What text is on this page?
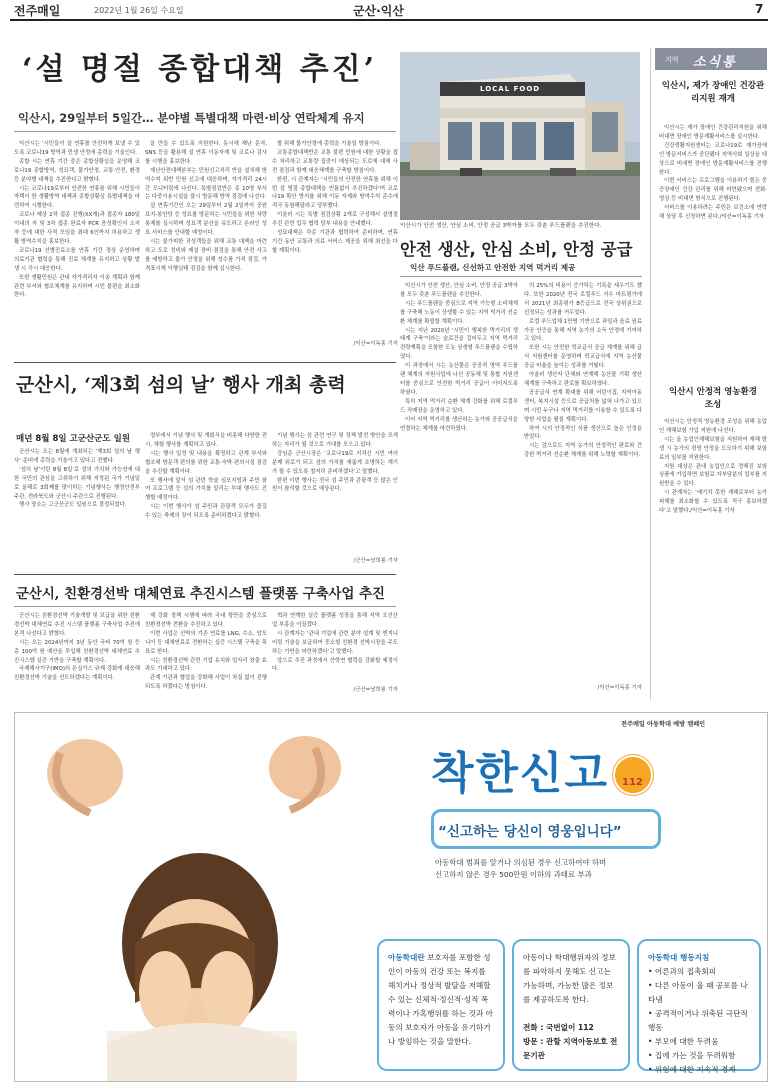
전주매일	2022년 1월 26일 수요일	군산·익산	7
‘설 명절 종합대책 추진’
익산시, 29일부터 5일간… 분야별 특별대책 마련·비상 연락체계 유지

익산시는 ‘시민들이 설 연휴를 안전하게 보낼 수 있도록 코로나19 방역과 민생 안정에 총력을 기울인다.

종합 시는 연휴 기간 중은 종합상황실을 운영해 코로나19 종합방역, 성묘객, 물가안정, 교통·안전, 환경 등 분야별 대책을 추진한다고 밝혔다.

시는 코로나19로부터 안전한 연휴를 위해 시민들이 자택이 한 생활방역 대책과 종합상황실 특별대책을 마련하여 시행한다.

코로나 예상 2차 접종 진행(XX개)과 접종자 180일 이내의 자 및 3차 접종 완료자 PCR 음성확인서 소지자 등에 대한 사적 모임을 최대 6인까지 허용하고 생활 방역수칙을 홍보한다.

코로나19 선별진료소를 연휴 기간 정상 운영하며 의료기관 협력을 통해 진료 체계를 유지하고 상황 발생 시 즉시 대응한다.

또한 생활민원은 관내 자가격리자 이송 계획과 함께 관련 부서와 협조체계를 유지하며 시민 불편을 최소화한다.

을 만들 수 있도록 지원한다. 동시에 재난 문자, SNS 등을 활용해 설 연휴 이동자제 및 코로나 검사를 시행을 홍보한다.

재난안전대책본부는 민원신고처리 반을 설치해 방역수칙 위반 민원 신고에 대응하며, 자가격리 24시간 모니터링에 나선다. 특별점검반은 종 10명 부서는 다중이용시설을 불시 방문해 방역 점검에 나선다.

설 연휴기간인 오는 29일부터 2월 2일까지 공원묘지·봉안당 등 성묘를 방문하는 시민들을 위한 차량 통제를 실시하며 성묘객 분산을 유도하고 온라인 성묘 서비스를 안내할 예정이다.

시는 불가피한 귀성객들을 위해 교통 대책을 마련하고 도로 정비와 제설 장비 점검을 통해 안전 사고를 예방하고 물가 안정을 위해 성수품 가격 점검, 가격표시제 이행실태 점검을 함께 실시한다.

할 위해 물가안정에 총력을 기울일 방침이다.

교통종합대책반은 교통 불편 민원에 대한 상황을 접수 처리하고 교통량 집중이 예상되는 도로에 대해 사전 점검과 함께 대응체계를 구축할 방침이다.

한편, 시 관계자는 ‘시민들의 안전한 연휴를 위해 이번 설 명절 종합대책을 빈틈없이 추진하겠다’며 코로나19 확산 방지를 위해 이동 자제와 방역수칙 준수에 적극 동참해달라고 당부했다.

이울러 시는 특별 점검상황 2개로 구성해서 설명절 추진 관련 업무 협력 당부 내용을 안내했다.

성묘대책은 각종 기관과 협력하여 준비하며, 연휴 기간 동안 교통과 의료 서비스 제공을 위해 최선을 다할 계획이다.

/익산=이독홍 기자
LOCAL FOOD
익산시가 안전 생산, 안심 소비, 안정 공급 3박자를 모두 갖춘 푸드플랜을 추진한다.
안전 생산, 안심 소비, 안정 공급
익산 푸드플랜, 신선하고 안전한 지역 먹거리 제공

익산시가 안전 생산, 안심 소비, 안정 공급 3박자를 모두 갖춘 푸드플랜을 추진한다.

시는 푸드플랜을 중심으로 지역 기능형 소비체계를 구축해 노동이 상생할 수 있는 지역 먹거리 선순환 체계를 확립할 계획이다.

시는 지난 2020년 ‘시민이 행복한 먹거리의 생태계 구축’이라는 슬로건을 걸어두고 지역 먹거리 전략계획을 포함한 도농 상생형 푸드플랜을 수립하였다.

이 과정에서 시는 농산물은 공공적 영역 푸드플랜 체계의 지원사업에 나선 공동체 및 통합 지원센터를 중심으로 안전한 먹거리 공급이 이어지도록 하였다.

특히 지역 먹거리 순환 체계 강화를 위해 로컬푸드 직매장을 운영하고 있다.

이어 지역 먹거리를 생산하는 농가와 공공급식을 연결하는 체계를 마련하였다.

의 25%의 비용이 증가하는 기록을 세우기도 했다. 또한 2020년 전국 로컬푸드 지수 마트평가에서 2021년 최종평가 B등급으로 전국 상위권으로 선정되는 성과를 거두었다.

로컬 푸드업체 1만명 기반으로 과일과 음료 원료 가공 인증을 통해 지역 농가의 소득 안정에 기여하고 있다.

또한 시는 안전한 학교급식 공급 체계를 위해 급식 지원센터를 운영하며 학교급식에 지역 농산물 공급 비율을 높이는 성과를 거뒀다.

아울러 생산자 단체와 연계해 농산물 기획 생산체계를 구축하고 판로를 확보하였다.

공공급식 연계 확대를 위해 어린이집, 지역아동센터, 복지시설 등으로 공급처를 넓혀 나가고 있으며 시민 누구나 지역 먹거리를 이용할 수 있도록 다양한 사업을 펼칠 계획이다.

하여 시의 안정적인 식품 생산으로 높은 인정을 받았다.

시는 앞으로도 지역 농가의 안정적인 판로와 건강한 먹거리 선순환 체계를 위해 노력할 계획이다.

/익산=이독홍 기자
군산시, ‘제3회 섬의 날’ 행사 개최 총력
매년 8월 8일 고군산군도 일원

군산시는 오는 8월에 개최되는 ‘제3회 섬의 날 행사’ 준비에 총력을 기울이고 있다고 전했다.

‘섬의 날’이란 8월 8일’로 섬의 가치와 가능성에 대한 국민의 관심을 고취하기 위해 지정된 국가 기념일로 올해로 3회째를 맞이하는 기념행사는 행정안전부 주관, 전라북도와 군산시 주관으로 진행된다.

행사 장소는 고군산군도 일원으로 결정되었다.

정부에서 기념 행사 및 개회식을 비롯해 다양한 전시, 체험 행사를 계획하고 있다.

시는 행사 일정 및 내용을 확정하고 관계 부서와 협조해 방문객 편의를 위한 교통·숙박·편의시설 점검을 추진할 계획이다.

또 행사에 앞서 섬 관련 학술 심포지엄과 주민 참여 프로그램 등 섬의 가치를 알리는 부대 행사도 진행할 예정이다.

시는 이번 행사가 섬 주민과 관광객 모두가 즐길 수 있는 축제의 장이 되도록 준비하겠다고 밝혔다.

기념 행사는 섬 관련 연구 및 정책 발전 방안을 모색하는 자리가 될 것으로 기대를 모으고 있다.

강임준 군산시장은 ‘코로나19로 지치신 시민 여러분께 위로가 되고 섬의 가치를 새롭게 조명하는 계기가 될 수 있도록 철저히 준비하겠다’고 말했다.

한편 이번 행사는 전국 섬 주민과 관광객 등 많은 인원이 참석할 것으로 예상된다.

/군산=남희룡 기자
군산시, 친환경선박 대체연료 추진시스템 플랫폼 구축사업 추진

군산시는 친환경선박 기술개발 및 보급을 위한 친환경선박 대체연료 추진 시스템 플랫폼 구축사업 추진에 본격 나선다고 밝혔다.

시는 오는 2024년까지 3년 동안 국비 70억 원 등 총 100억 원 예산을 투입해 친환경선박 대체연료 추진시스템 실증 기반을 구축할 계획이다.

국제해사기구(IMO)의 온실가스 규제 강화에 대응해 친환경선박 기술을 선도하겠다는 계획이다.

제 강화 정책 시행에 따라 국내 항만을 중심으로 친환경선박 전환을 추진하고 있다.

이번 사업은 선박의 기존 연료를 LNG, 수소, 암모니아 등 대체연료로 전환하는 실증 시스템 구축을 목표로 한다.

시는 친환경선박 관련 기업 유치와 일자리 창출 효과도 기대하고 있다.

관계 기관과 협업을 강화해 사업이 차질 없이 진행되도록 하겠다는 방침이다.

혁과 연계한 실증 플랫폼 성장을 통해 지역 조선산업 부흥을 이끌겠다.

시 관계자는 ‘관내 기업에 관련 분야 설계 및 엔지니어링 기술을 보급하여 중소형 친환경 선박시장을 주도하는 기반을 마련하겠다’고 말했다.

앞으로 추진 과정에서 산학연 협력을 강화할 예정이다.

/군산=남희룡 기자
지역 소식통
익산시, 제가 장애인 건강관리지원 재개

익산시는 재가 장애인 건강관리지원을 위해 비대면 장애인 방문재활서비스를 실시한다.

건강생활지원센터는 코로나19로 재가장애인 방문서비스가 중단됐다 지역사회 일상을 대상으로 비대면 장애인 방문재활서비스를 진행한다.

이번 서비스는 프로그램을 이용하기 힘든 중증장애인 건강 관리를 위해 마련됐으며 전화·영상 등 비대면 방식으로 진행된다.

서비스를 이용하려는 주민은 보건소에 연락해 상담 후 신청하면 된다./익산=이독홍 기자

익산시 안정적 영농환경 조성

익산시는 안정적 영농환경 조성을 위해 농업인 재해보험 가입 지원에 나선다.

시는 올 농업인재해보험을 지원하여 재해 발생 시 농가의 경영 안정을 도모하기 위해 보험료의 일부를 지원한다.

지원 대상은 관내 농업인으로 정해진 보험 상품에 가입하면 보험료 자부담분의 일부를 지원받을 수 있다.

시 관계자는 ‘예기치 못한 재해로부터 농가 피해를 최소화할 수 있도록 적극 홍보하겠다’고 말했다./익산=이독홍 기자

전주매일 아동학대 예방 캠페인
착한신고 112
“신고하는 당신이 영웅입니다”
아동학대 범죄를 알거나 의심된 경우 신고하여야 하며
신고하지 않은 경우 500만원 이하의 과태료 부과
아동학대란 보호자를 포함한 성인이 아동의 건강 또는 복지를 해치거나 정상적 발달을 저해할 수 있는 신체적·정신적·성적 폭력이나 가혹행위를 하는 것과 아동의 보호자가 아동을 유기하거나 방임하는 것을 말한다.
아동이나 학대행위자의 정보를 파악하지 못해도 신고는 가능하며, 가능한 많은 정보를 제공하도록 한다.
전화 : 국번없이 112
방문 : 관할 지역아동보호 전문기관
아동학대 행동지침
• 어른과의 접촉회피
• 다른 아동이 울 때 공포를 나타냄
• 공격적이거나 위축된 극단적 행동
• 부모에 대한 두려움
• 집에 가는 것을 두려워함
• 위험에 대한 지속적 경계
